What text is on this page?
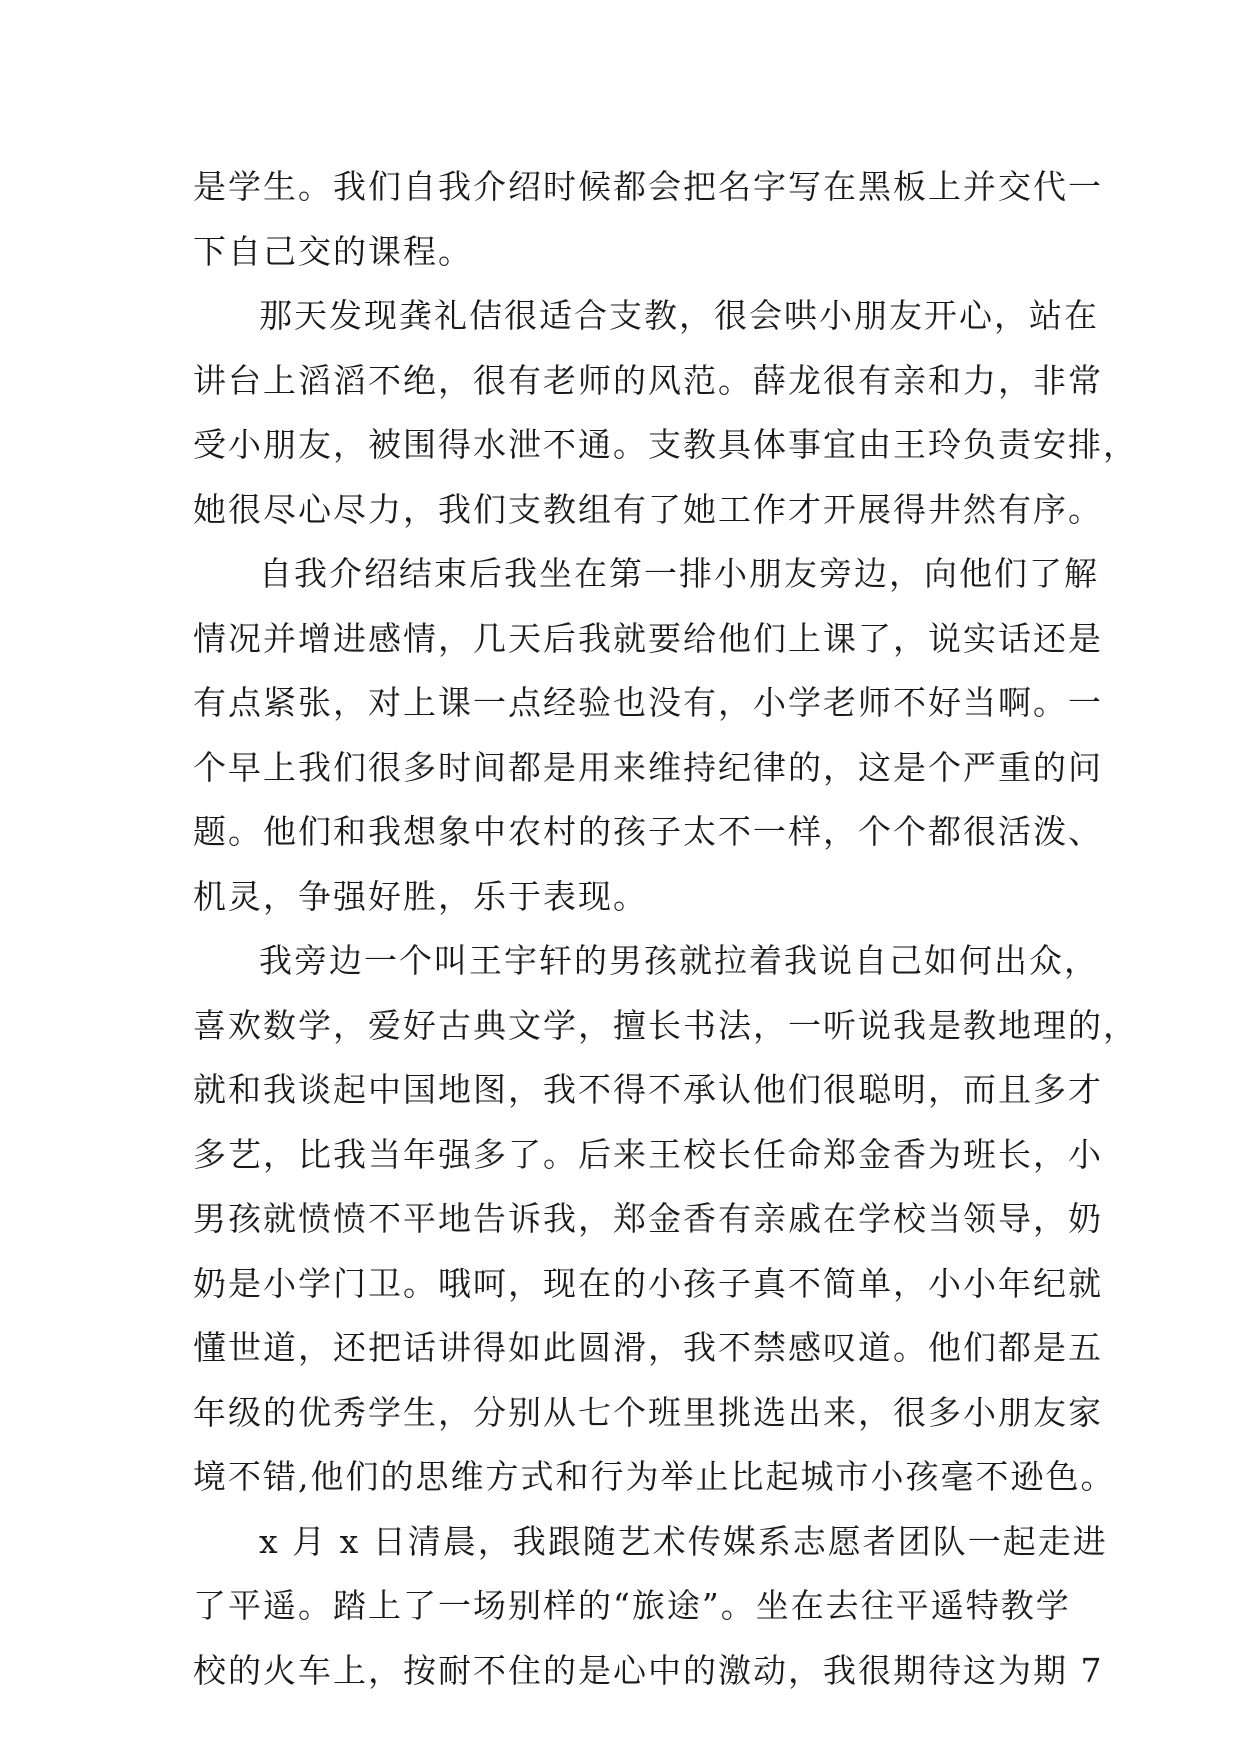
是学生。我们自我介绍时候都会把名字写在黑板上并交代一
下自己交的课程。
那天发现龚礼佶很适合支教，很会哄小朋友开心，站在
讲台上滔滔不绝，很有老师的风范。薛龙很有亲和力，非常
受小朋友，被围得水泄不通。支教具体事宜由王玲负责安排，
她很尽心尽力，我们支教组有了她工作才开展得井然有序。
自我介绍结束后我坐在第一排小朋友旁边，向他们了解
情况并增进感情，几天后我就要给他们上课了，说实话还是
有点紧张，对上课一点经验也没有，小学老师不好当啊。一
个早上我们很多时间都是用来维持纪律的，这是个严重的问
题。他们和我想象中农村的孩子太不一样，个个都很活泼、
机灵，争强好胜，乐于表现。
我旁边一个叫王宇轩的男孩就拉着我说自己如何出众，
喜欢数学，爱好古典文学，擅长书法，一听说我是教地理的，
就和我谈起中国地图，我不得不承认他们很聪明，而且多才
多艺，比我当年强多了。后来王校长任命郑金香为班长，小
男孩就愤愤不平地告诉我，郑金香有亲戚在学校当领导，奶
奶是小学门卫。哦呵，现在的小孩子真不简单，小小年纪就
懂世道，还把话讲得如此圆滑，我不禁感叹道。他们都是五
年级的优秀学生，分别从七个班里挑选出来，很多小朋友家
境不错,他们的思维方式和行为举止比起城市小孩毫不逊色。
x 月 x 日清晨，我跟随艺术传媒系志愿者团队一起走进
了平遥。踏上了一场别样的“旅途”。坐在去往平遥特教学
校的火车上，按耐不住的是心中的激动，我很期待这为期 7
